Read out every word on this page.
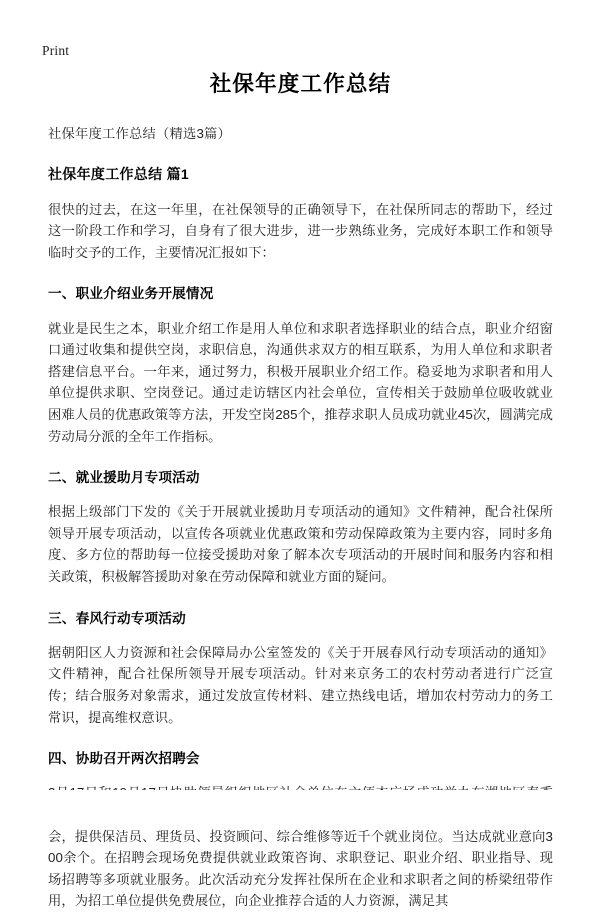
Print
社保年度工作总结

社保年度工作总结（精选3篇）

社保年度工作总结 篇1

很快的过去，在这一年里，在社保领导的正确领导下，在社保所同志的帮助下，经过这一阶段工作和学习，自身有了很大进步，进一步熟练业务，完成好本职工作和领导临时交予的工作，主要情况汇报如下：

一、职业介绍业务开展情况

就业是民生之本，职业介绍工作是用人单位和求职者选择职业的结合点，职业介绍窗口通过收集和提供空岗，求职信息，沟通供求双方的相互联系，为用人单位和求职者搭建信息平台。一年来，通过努力，积极开展职业介绍工作。稳妥地为求职者和用人单位提供求职、空岗登记。通过走访辖区内社会单位，宣传相关于鼓励单位吸收就业困难人员的优惠政策等方法，开发空岗285个，推荐求职人员成功就业45次，圆满完成劳动局分派的全年工作指标。

二、就业援助月专项活动

根据上级部门下发的《关于开展就业援助月专项活动的通知》文件精神，配合社保所领导开展专项活动，以宣传各项就业优惠政策和劳动保障政策为主要内容，同时多角度、多方位的帮助每一位接受援助对象了解本次专项活动的开展时间和服务内容和相关政策，积极解答援助对象在劳动保障和就业方面的疑问。

三、春风行动专项活动

据朝阳区人力资源和社会保障局办公室签发的《关于开展春风行动专项活动的通知》文件精神，配合社保所领导开展专项活动。针对来京务工的农村劳动者进行广泛宣传；结合服务对象需求，通过发放宣传材料、建立热线电话，增加农村劳动力的务工常识，提高维权意识。

四、协助召开两次招聘会

会，提供保洁员、理货员、投资顾问、综合维修等近千个就业岗位。当达成就业意向300余个。在招聘会现场免费提供就业政策咨询、求职登记、职业介绍、职业指导、现场招聘等多项就业服务。此次活动充分发挥社保所在企业和求职者之间的桥梁纽带作用，为招工单位提供免费展位，向企业推荐合适的人力资源，满足其
